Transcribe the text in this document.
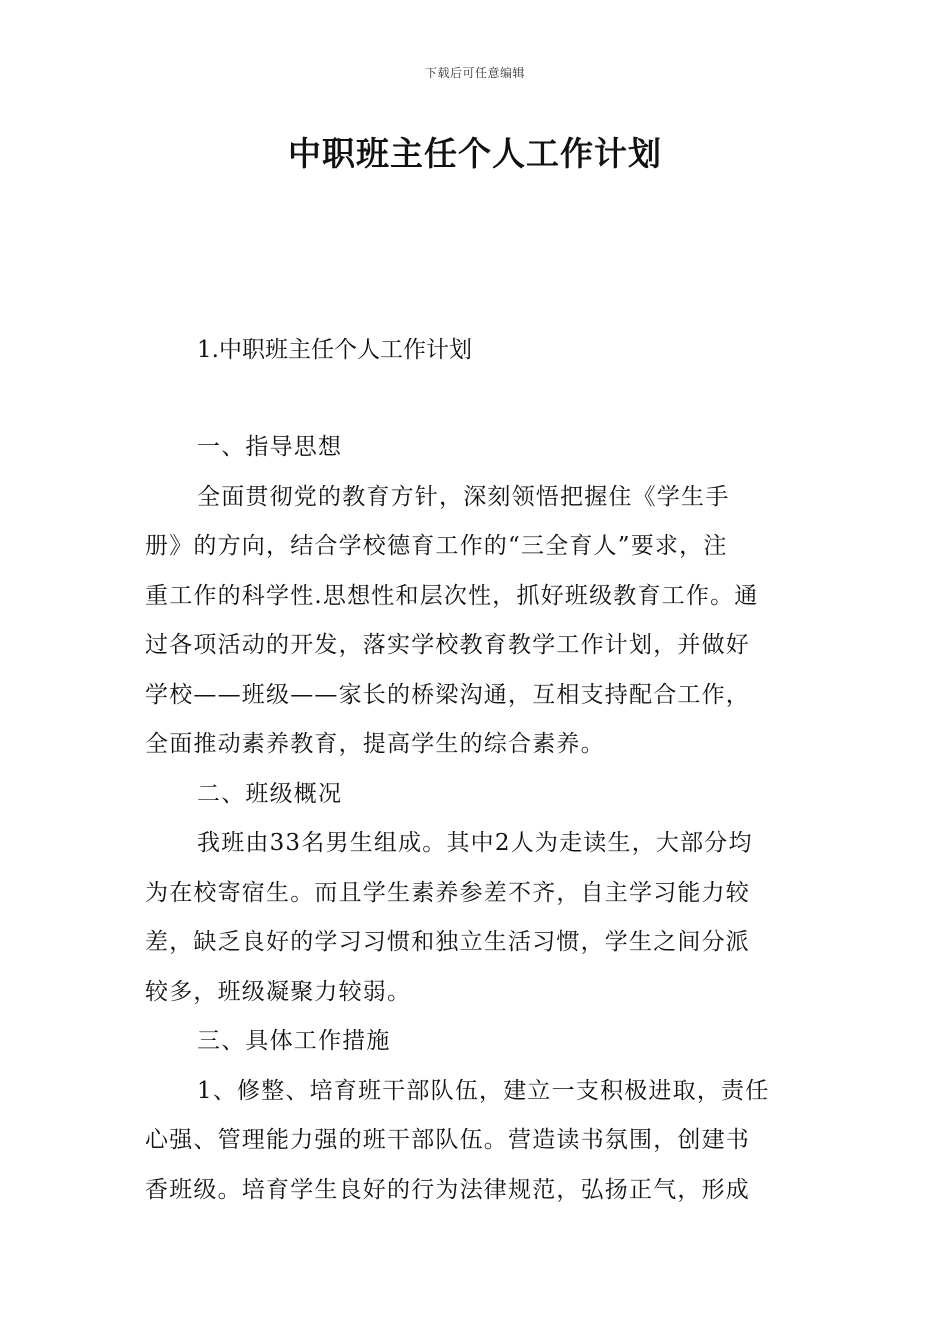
下载后可任意编辑
中职班主任个人工作计划
1.中职班主任个人工作计划
一、指导思想
全面贯彻党的教育方针，深刻领悟把握住《学生手
册》的方向，结合学校德育工作的“三全育人”要求，注
重工作的科学性.思想性和层次性，抓好班级教育工作。通
过各项活动的开发，落实学校教育教学工作计划，并做好
学校——班级——家长的桥梁沟通，互相支持配合工作，
全面推动素养教育，提高学生的综合素养。
二、班级概况
我班由33名男生组成。其中2人为走读生，大部分均
为在校寄宿生。而且学生素养参差不齐，自主学习能力较
差，缺乏良好的学习习惯和独立生活习惯，学生之间分派
较多，班级凝聚力较弱。
三、具体工作措施
1、修整、培育班干部队伍，建立一支积极进取，责任
心强、管理能力强的班干部队伍。营造读书氛围，创建书
香班级。培育学生良好的行为法律规范，弘扬正气，形成
